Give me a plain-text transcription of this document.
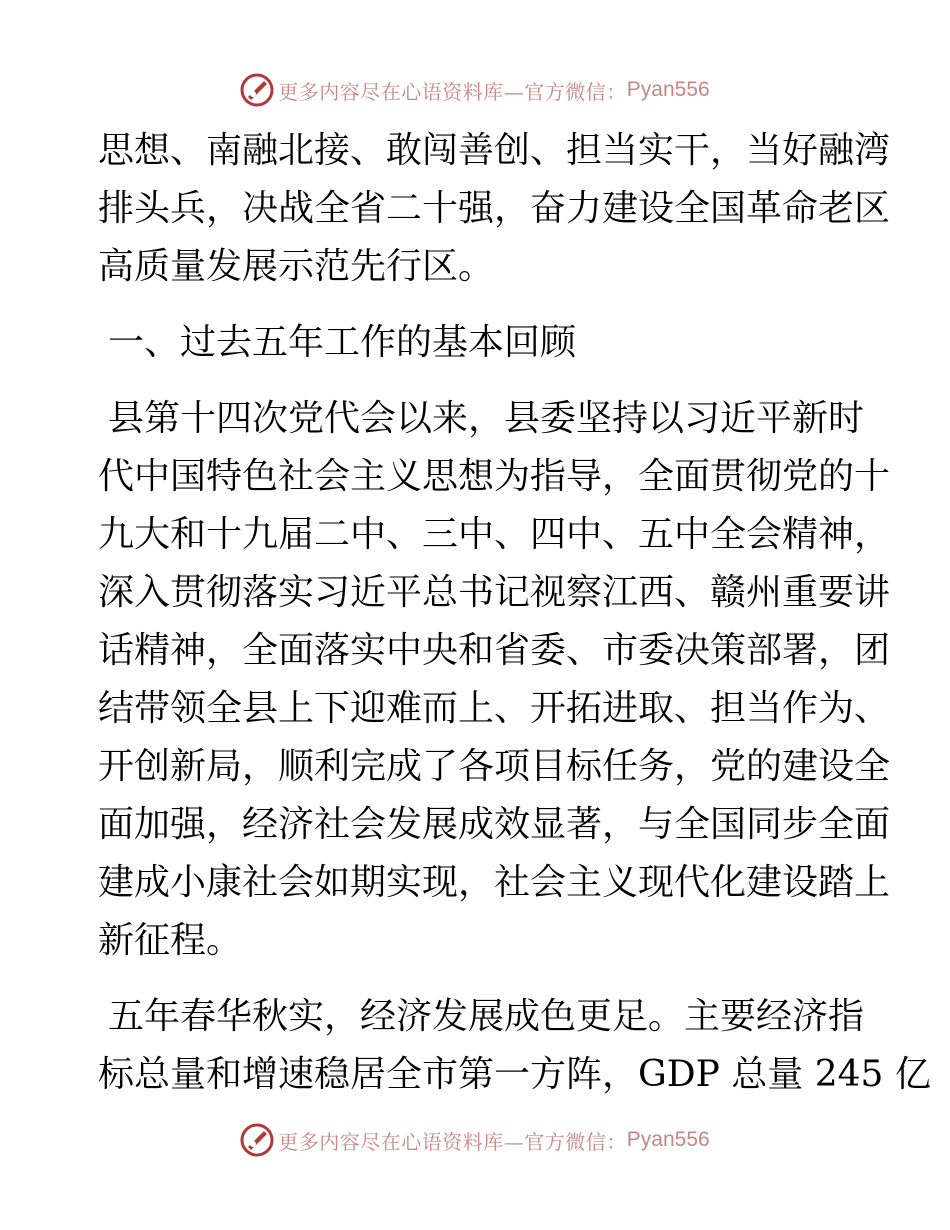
更多内容尽在心语资料库—官方微信： Pyan556
思想、南融北接、敢闯善创、担当实干，当好融湾
排头兵，决战全省二十强，奋力建设全国革命老区
高质量发展示范先行区。
一、过去五年工作的基本回顾
县第十四次党代会以来，县委坚持以习近平新时
代中国特色社会主义思想为指导，全面贯彻党的十
九大和十九届二中、三中、四中、五中全会精神，
深入贯彻落实习近平总书记视察江西、赣州重要讲
话精神，全面落实中央和省委、市委决策部署，团
结带领全县上下迎难而上、开拓进取、担当作为、
开创新局，顺利完成了各项目标任务，党的建设全
面加强，经济社会发展成效显著，与全国同步全面
建成小康社会如期实现，社会主义现代化建设踏上
新征程。
五年春华秋实，经济发展成色更足。主要经济指
标总量和增速稳居全市第一方阵，GDP 总量 245 亿
更多内容尽在心语资料库—官方微信： Pyan556
